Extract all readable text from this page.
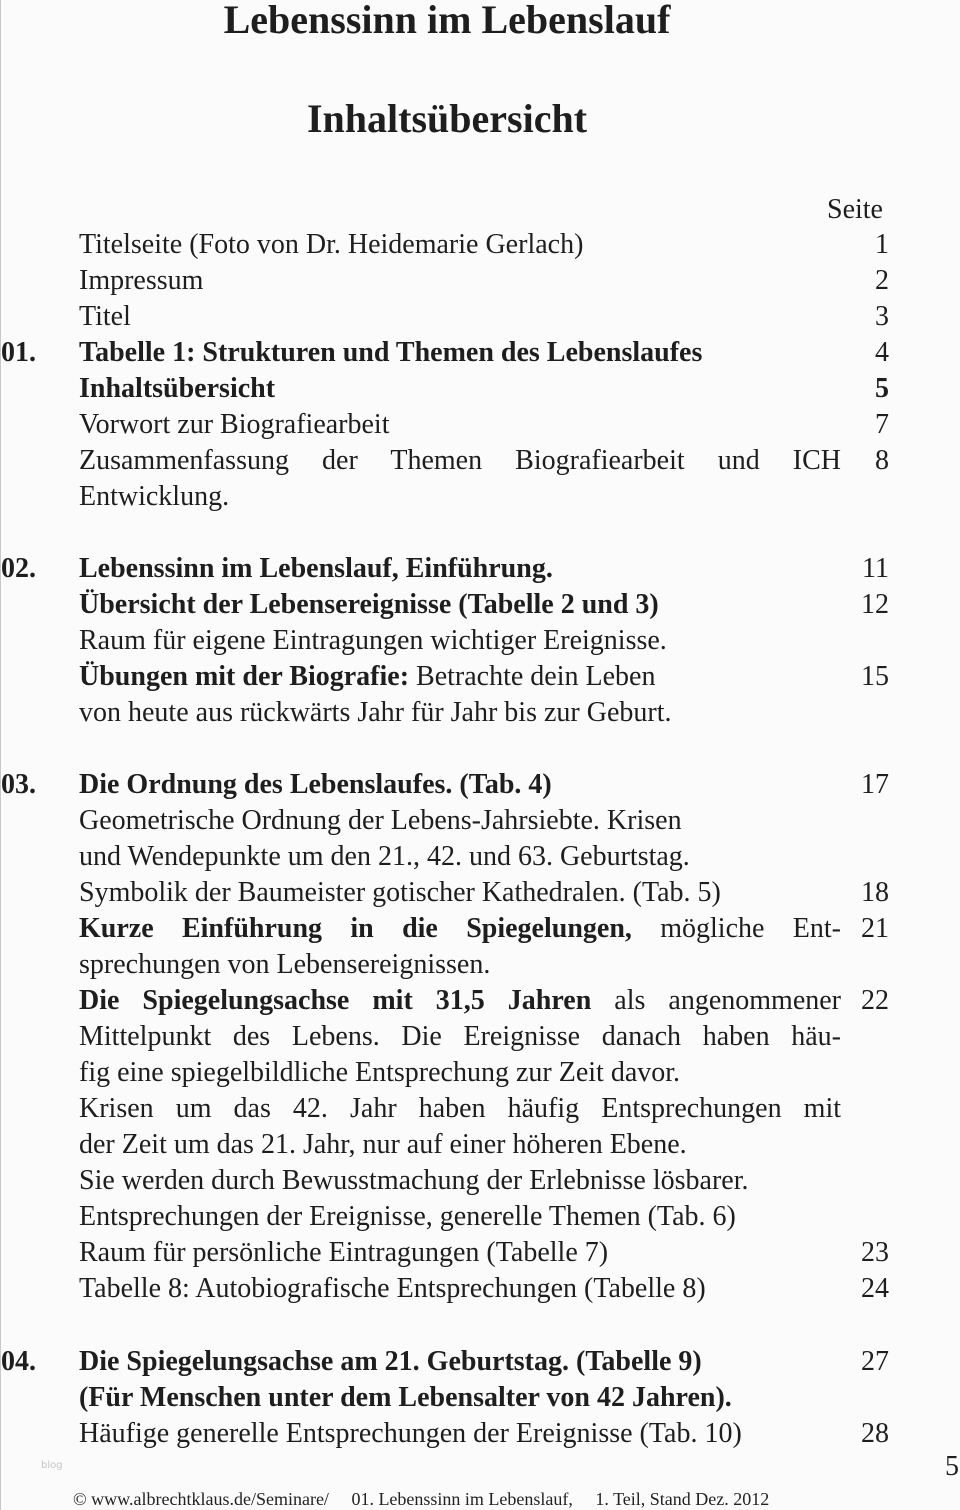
Lebenssinn im Lebenslauf
Inhaltsübersicht
Seite
Titelseite (Foto von Dr. Heidemarie Gerlach)	1
Impressum	2
Titel	3
01. Tabelle 1: Strukturen und Themen des Lebenslaufes	4
Inhaltsübersicht	5
Vorwort zur Biografiearbeit	7
Zusammenfassung der Themen Biografiearbeit und ICH 8
Entwicklung.
02. Lebenssinn im Lebenslauf, Einführung.	11
Übersicht der Lebensereignisse (Tabelle 2 und 3)	12
Raum für eigene Eintragungen wichtiger Ereignisse.
Übungen mit der Biografie: Betrachte dein Leben	15
von heute aus rückwärts Jahr für Jahr bis zur Geburt.
03. Die Ordnung des Lebenslaufes. (Tab. 4)	17
Geometrische Ordnung der Lebens-Jahrsiebte. Krisen
und Wendepunkte um den 21., 42. und 63. Geburtstag.
Symbolik der Baumeister gotischer Kathedralen. (Tab. 5)	18
Kurze Einführung in die Spiegelungen, mögliche Ent- 21
sprechungen von Lebensereignissen.
Die Spiegelungsachse mit 31,5 Jahren als angenommener 22
Mittelpunkt des Lebens. Die Ereignisse danach haben häu-
fig eine spiegelbildliche Entsprechung zur Zeit davor.
Krisen um das 42. Jahr haben häufig Entsprechungen mit
der Zeit um das 21. Jahr, nur auf einer höheren Ebene.
Sie werden durch Bewusstmachung der Erlebnisse lösbarer.
Entsprechungen der Ereignisse, generelle Themen (Tab. 6)
Raum für persönliche Eintragungen (Tabelle 7)	23
Tabelle 8: Autobiografische Entsprechungen (Tabelle 8)	24
04. Die Spiegelungsachse am 21. Geburtstag. (Tabelle 9)	27
(Für Menschen unter dem Lebensalter von 42 Jahren).
Häufige generelle Entsprechungen der Ereignisse (Tab. 10)	28
blog	5
© www.albrechtklaus.de/Seminare/ 01. Lebenssinn im Lebenslauf, 1. Teil, Stand Dez. 2012
